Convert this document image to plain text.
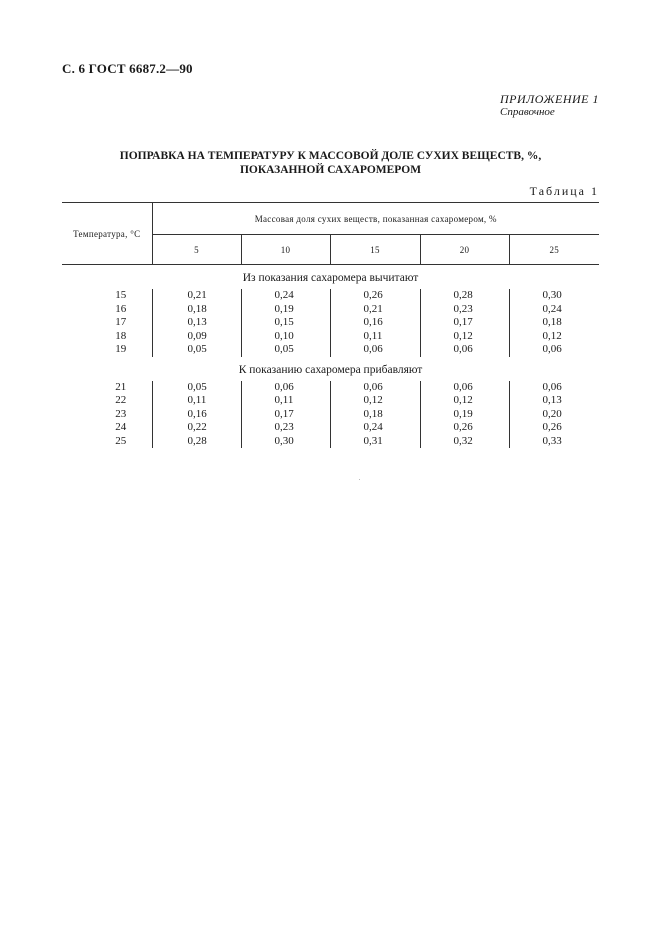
С. 6 ГОСТ 6687.2—90
ПРИЛОЖЕНИЕ 1
Справочное
ПОПРАВКА НА ТЕМПЕРАТУРУ К МАССОВОЙ ДОЛЕ СУХИХ ВЕЩЕСТВ, %,
ПОКАЗАННОЙ САХАРОМЕРОМ
Таблица 1
Температура, °С	Массовая доля сухих веществ, показанная сахаромером, %				
	5	10	15	20	25
Из показания сахаромера вычитают					
15	0,21	0,24	0,26	0,28	0,30
16	0,18	0,19	0,21	0,23	0,24
17	0,13	0,15	0,16	0,17	0,18
18	0,09	0,10	0,11	0,12	0,12
19	0,05	0,05	0,06	0,06	0,06
К показанию сахаромера прибавляют					
21	0,05	0,06	0,06	0,06	0,06
22	0,11	0,11	0,12	0,12	0,13
23	0,16	0,17	0,18	0,19	0,20
24	0,22	0,23	0,24	0,26	0,26
25	0,28	0,30	0,31	0,32	0,33
